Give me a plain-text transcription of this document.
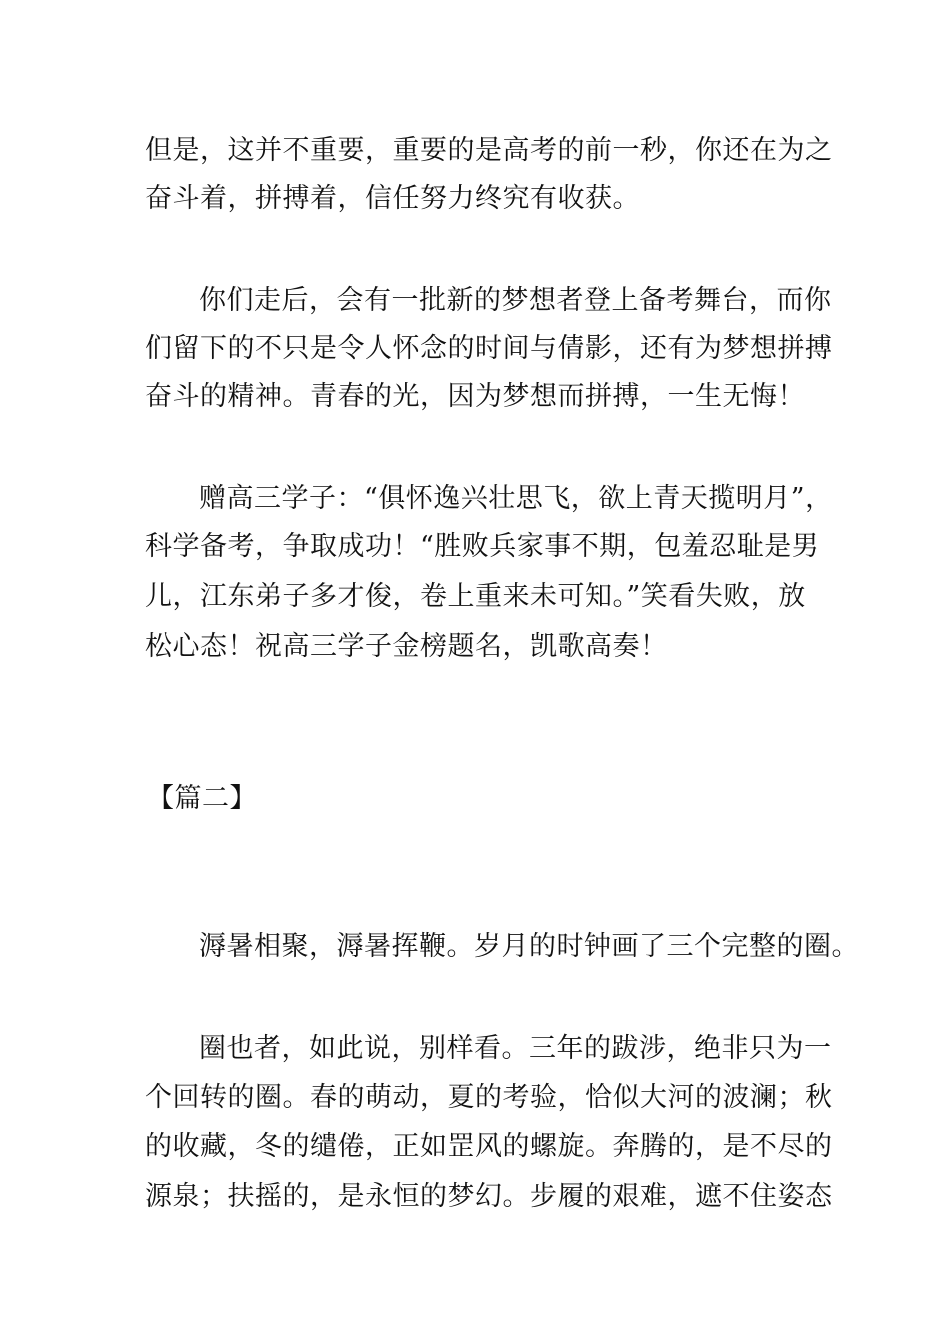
但是，这并不重要，重要的是高考的前一秒，你还在为之
奋斗着，拼搏着，信任努力终究有收获。
你们走后，会有一批新的梦想者登上备考舞台，而你
们留下的不只是令人怀念的时间与倩影，还有为梦想拼搏
奋斗的精神。青春的光，因为梦想而拼搏，一生无悔！
赠高三学子：“俱怀逸兴壮思飞，欲上青天揽明月”，
科学备考，争取成功！“胜败兵家事不期，包羞忍耻是男
儿，江东弟子多才俊，卷上重来未可知。”笑看失败，放
松心态！祝高三学子金榜题名，凯歌高奏！
【篇二】
溽暑相聚，溽暑挥鞭。岁月的时钟画了三个完整的圈。
圈也者，如此说，别样看。三年的跋涉，绝非只为一
个回转的圈。春的萌动，夏的考验，恰似大河的波澜；秋
的收藏，冬的缱倦，正如罡风的螺旋。奔腾的，是不尽的
源泉；扶摇的，是永恒的梦幻。步履的艰难，遮不住姿态
